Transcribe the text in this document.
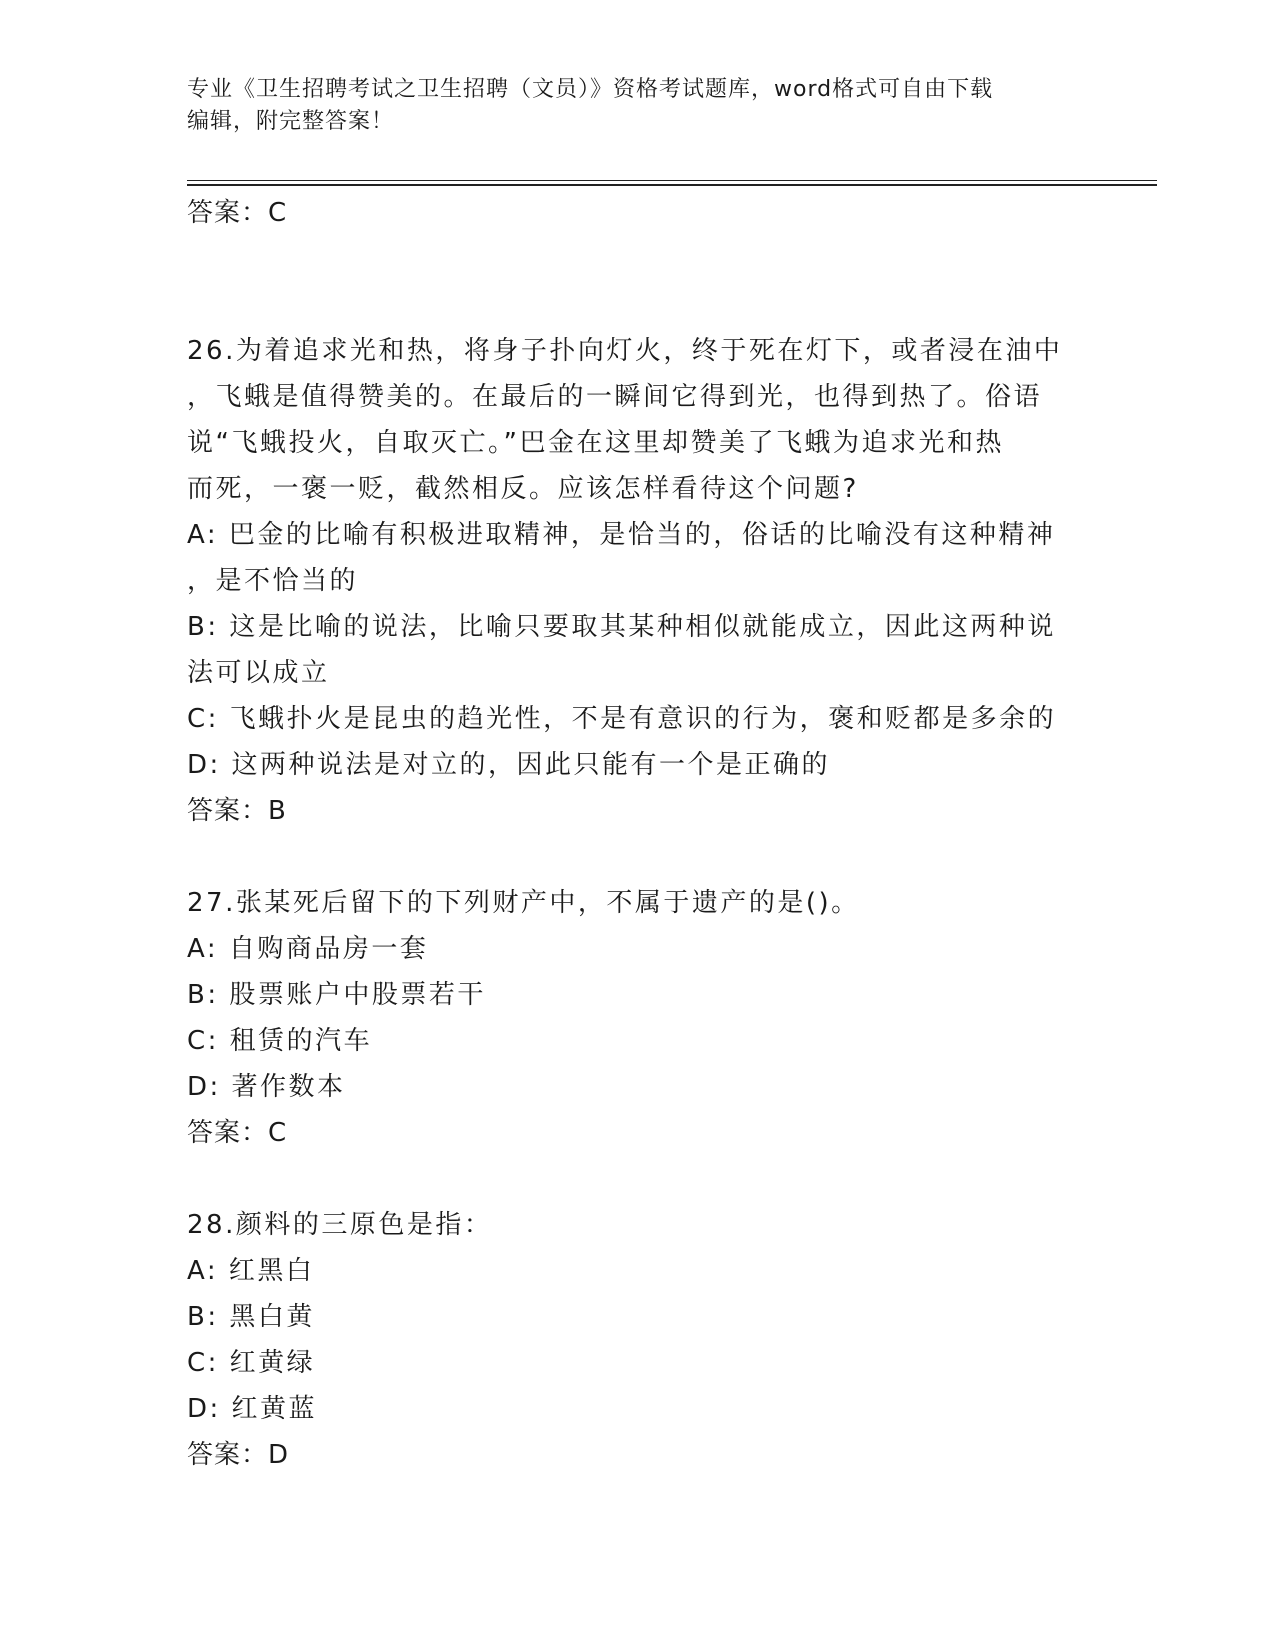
专业《卫生招聘考试之卫生招聘（文员）》资格考试题库，word格式可自由下载
编辑，附完整答案！
答案：C
26.为着追求光和热，将身子扑向灯火，终于死在灯下，或者浸在油中
，飞蛾是值得赞美的。在最后的一瞬间它得到光，也得到热了。俗语
说“飞蛾投火，自取灭亡。”巴金在这里却赞美了飞蛾为追求光和热
而死，一褒一贬，截然相反。应该怎样看待这个问题?
A: 巴金的比喻有积极进取精神，是恰当的，俗话的比喻没有这种精神
，是不恰当的
B: 这是比喻的说法，比喻只要取其某种相似就能成立，因此这两种说
法可以成立
C: 飞蛾扑火是昆虫的趋光性，不是有意识的行为，褒和贬都是多余的
D: 这两种说法是对立的，因此只能有一个是正确的
答案：B
27.张某死后留下的下列财产中，不属于遗产的是()。
A: 自购商品房一套
B: 股票账户中股票若干
C: 租赁的汽车
D: 著作数本
答案：C
28.颜料的三原色是指：
A: 红黑白
B: 黑白黄
C: 红黄绿
D: 红黄蓝
答案：D
